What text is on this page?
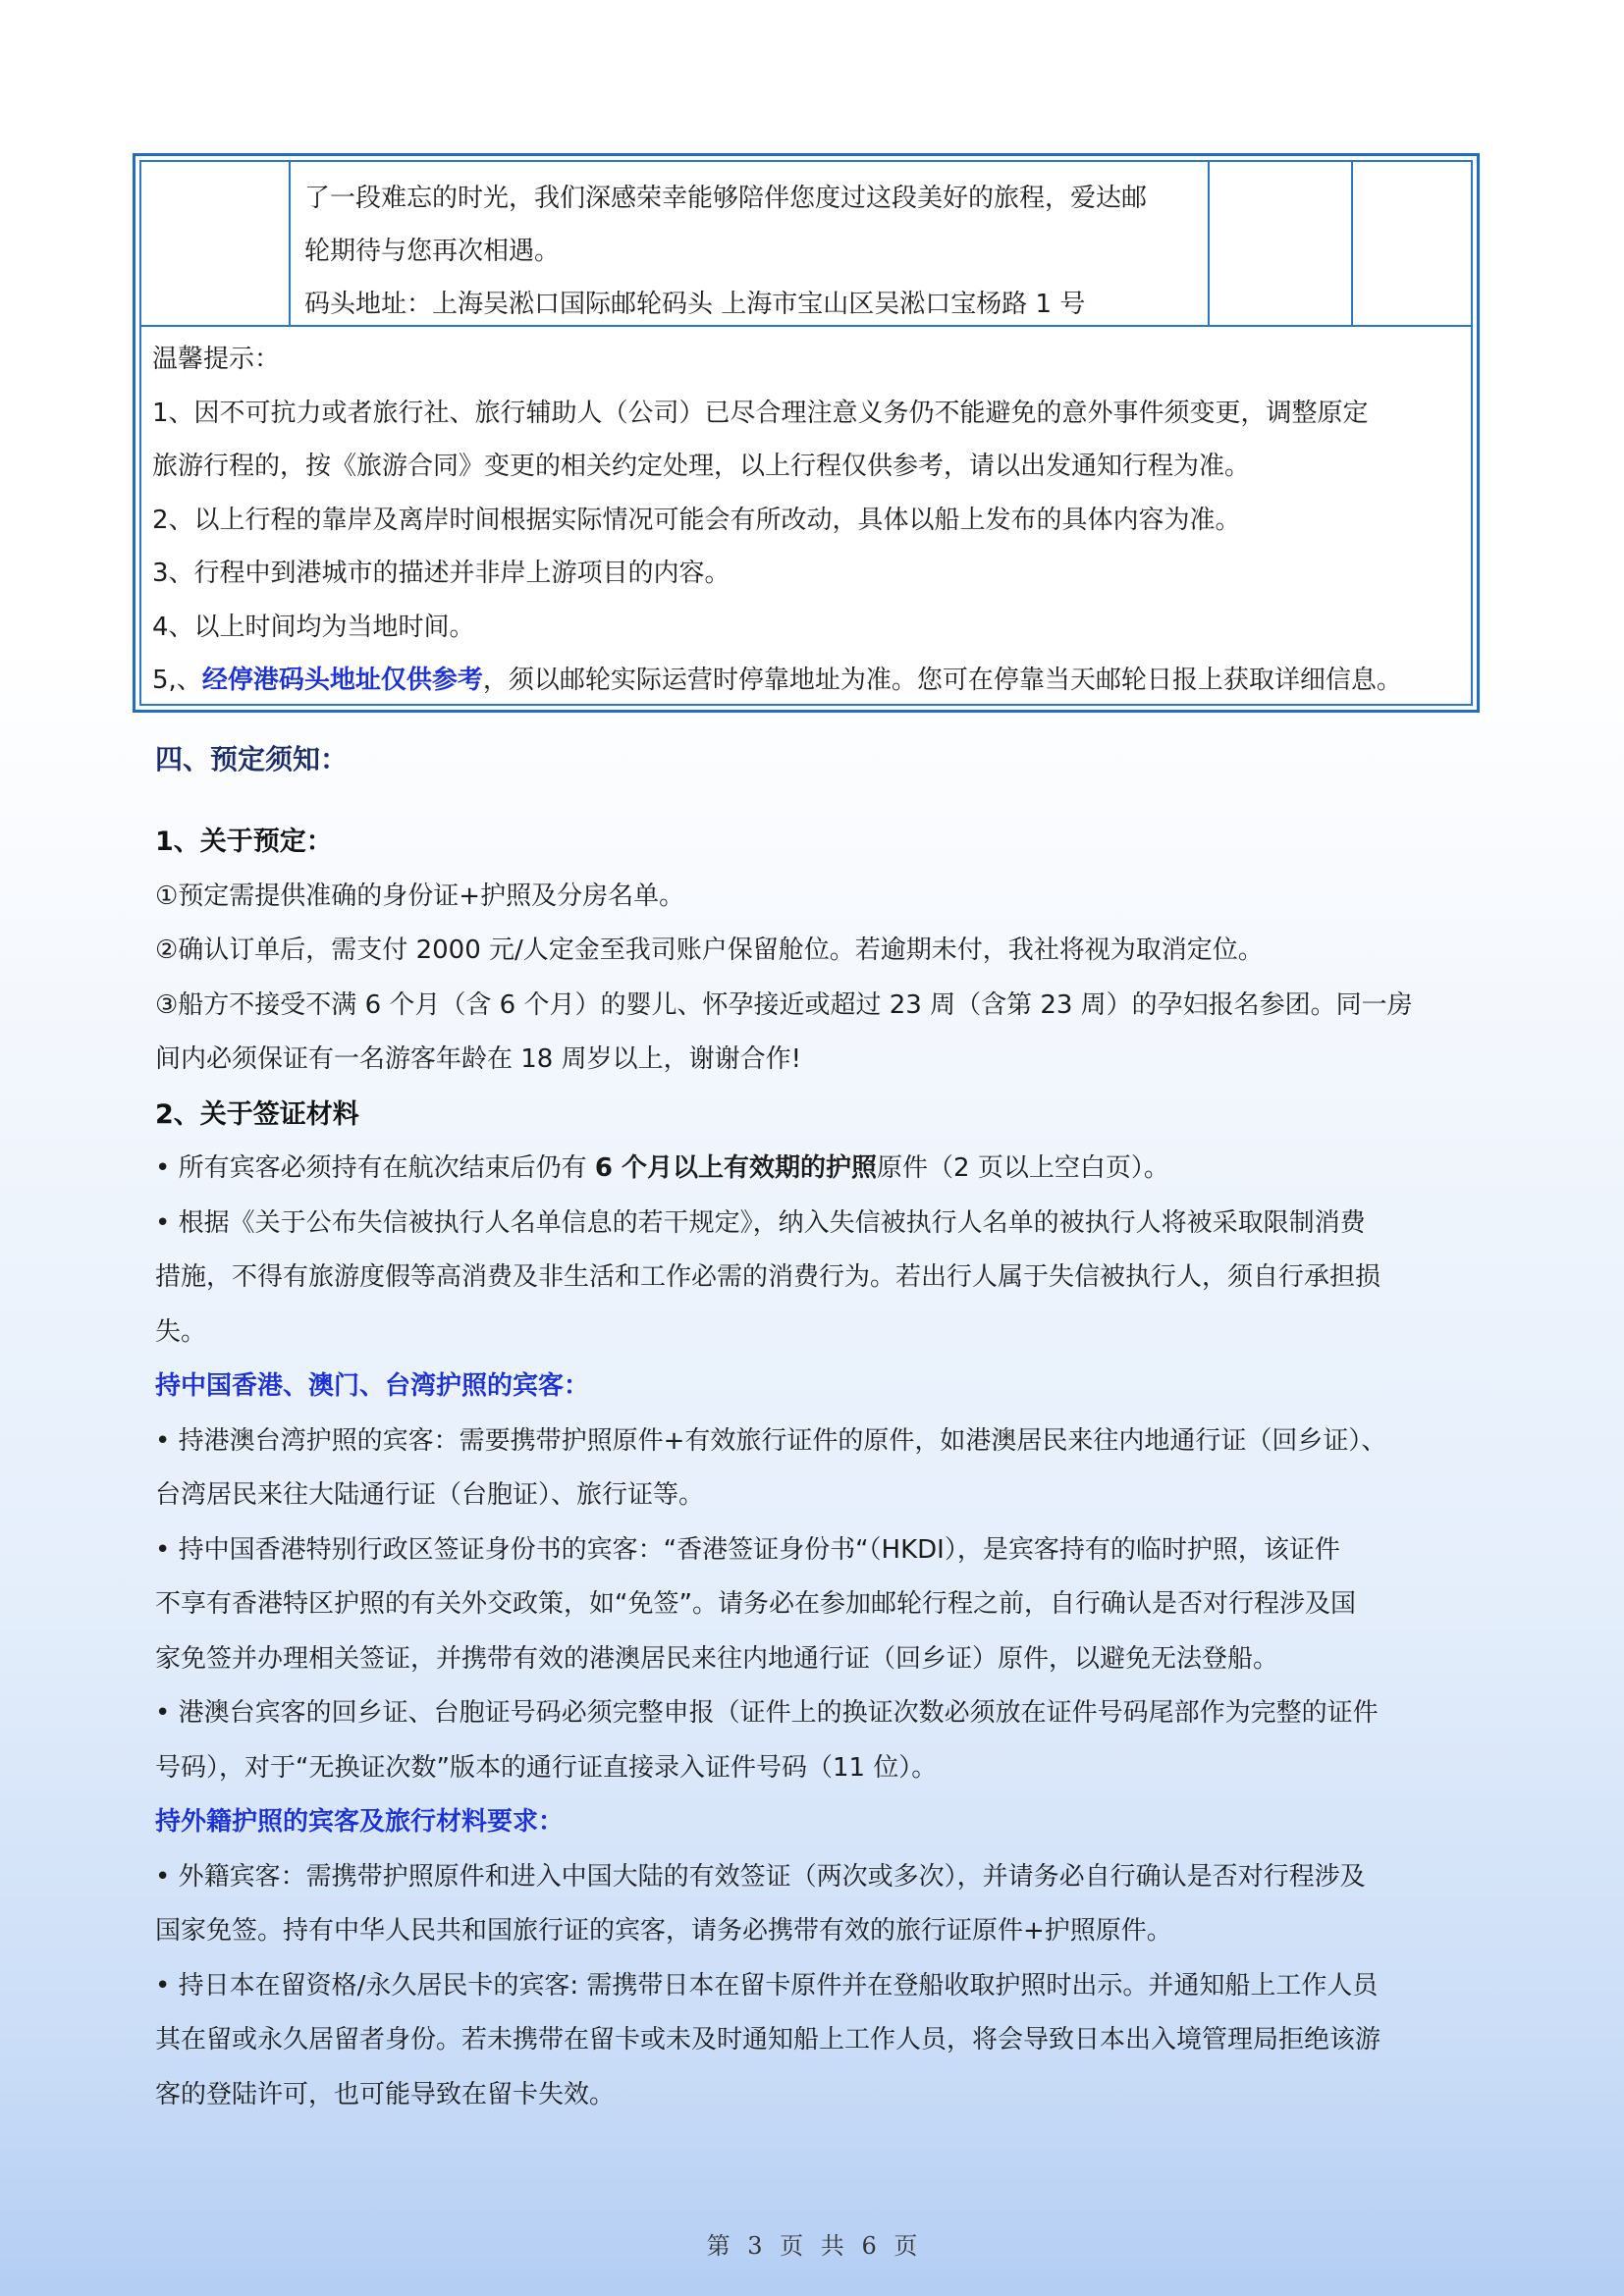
了一段难忘的时光，我们深感荣幸能够陪伴您度过这段美好的旅程，爱达邮
轮期待与您再次相遇。
码头地址：上海吴淞口国际邮轮码头 上海市宝山区吴淞口宝杨路 1 号
温馨提示：
1、因不可抗力或者旅行社、旅行辅助人（公司）已尽合理注意义务仍不能避免的意外事件须变更，调整原定
旅游行程的，按《旅游合同》变更的相关约定处理，以上行程仅供参考，请以出发通知行程为准。
2、以上行程的靠岸及离岸时间根据实际情况可能会有所改动，具体以船上发布的具体内容为准。
3、行程中到港城市的描述并非岸上游项目的内容。
4、以上时间均为当地时间。
5,、经停港码头地址仅供参考，须以邮轮实际运营时停靠地址为准。您可在停靠当天邮轮日报上获取详细信息。
四、预定须知：
1、关于预定：
①预定需提供准确的身份证+护照及分房名单。
②确认订单后，需支付 2000 元/人定金至我司账户保留舱位。若逾期未付，我社将视为取消定位。
③船方不接受不满 6 个月（含 6 个月）的婴儿、怀孕接近或超过 23 周（含第 23 周）的孕妇报名参团。同一房
间内必须保证有一名游客年龄在 18 周岁以上，谢谢合作!
2、关于签证材料
• 所有宾客必须持有在航次结束后仍有 6 个月以上有效期的护照原件（2 页以上空白页）。
• 根据《关于公布失信被执行人名单信息的若干规定》，纳入失信被执行人名单的被执行人将被采取限制消费
措施，不得有旅游度假等高消费及非生活和工作必需的消费行为。若出行人属于失信被执行人，须自行承担损
失。
持中国香港、澳门、台湾护照的宾客：
• 持港澳台湾护照的宾客：需要携带护照原件+有效旅行证件的原件，如港澳居民来往内地通行证（回乡证）、
台湾居民来往大陆通行证（台胞证）、旅行证等。
• 持中国香港特别行政区签证身份书的宾客：“香港签证身份书“（HKDI），是宾客持有的临时护照，该证件
不享有香港特区护照的有关外交政策，如“免签”。请务必在参加邮轮行程之前，自行确认是否对行程涉及国
家免签并办理相关签证，并携带有效的港澳居民来往内地通行证（回乡证）原件，以避免无法登船。
• 港澳台宾客的回乡证、台胞证号码必须完整申报（证件上的换证次数必须放在证件号码尾部作为完整的证件
号码），对于“无换证次数”版本的通行证直接录入证件号码（11 位）。
持外籍护照的宾客及旅行材料要求：
• 外籍宾客：需携带护照原件和进入中国大陆的有效签证（两次或多次），并请务必自行确认是否对行程涉及
国家免签。持有中华人民共和国旅行证的宾客，请务必携带有效的旅行证原件+护照原件。
• 持日本在留资格/永久居民卡的宾客: 需携带日本在留卡原件并在登船收取护照时出示。并通知船上工作人员
其在留或永久居留者身份。若未携带在留卡或未及时通知船上工作人员，将会导致日本出入境管理局拒绝该游
客的登陆许可，也可能导致在留卡失效。
第 3 页 共 6 页
